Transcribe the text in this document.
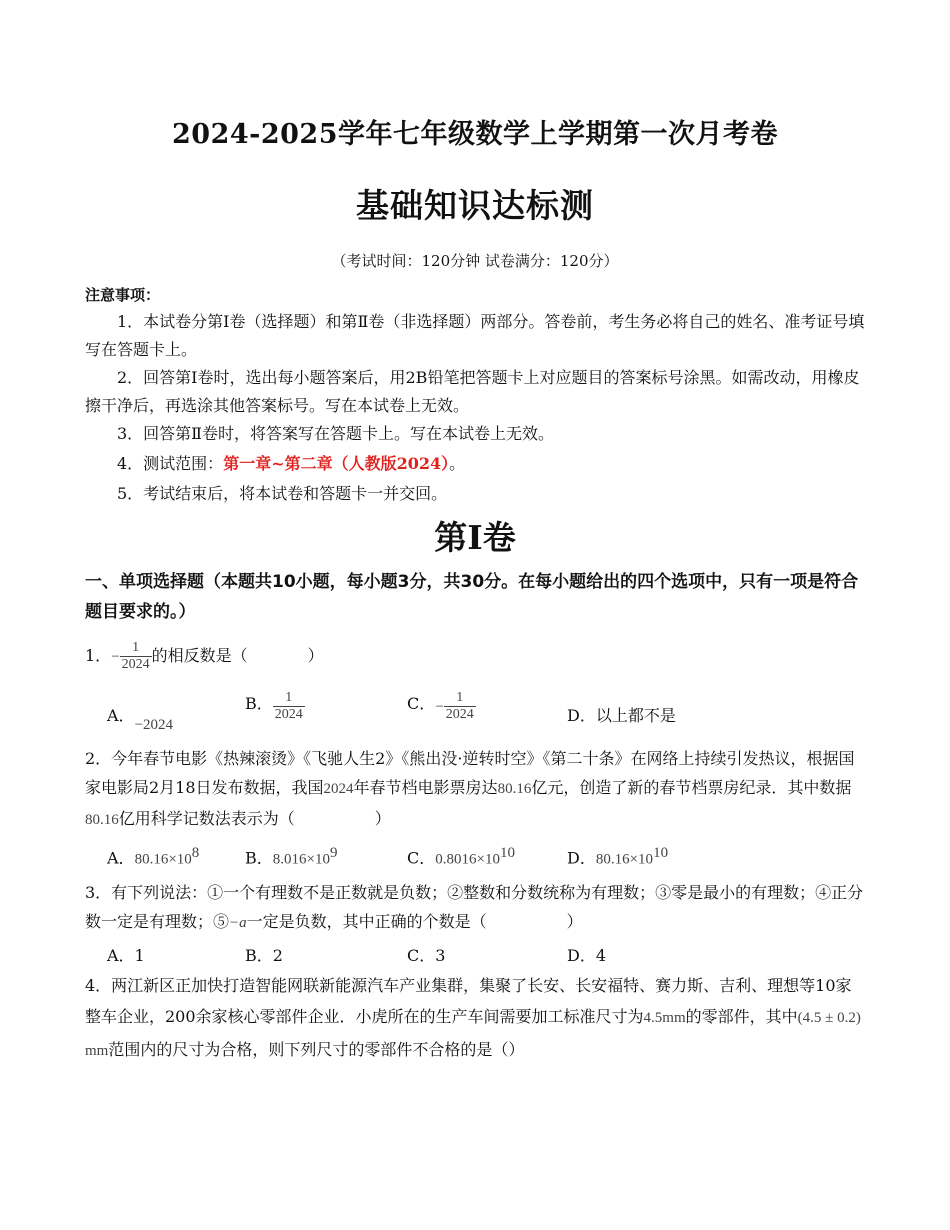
2024-2025学年七年级数学上学期第一次月考卷
基础知识达标测
（考试时间：120分钟 试卷满分：120分）
注意事项：
1．本试卷分第Ⅰ卷（选择题）和第Ⅱ卷（非选择题）两部分。答卷前，考生务必将自己的姓名、准考证号填写在答题卡上。
2．回答第Ⅰ卷时，选出每小题答案后，用2B铅笔把答题卡上对应题目的答案标号涂黑。如需改动，用橡皮擦干净后，再选涂其他答案标号。写在本试卷上无效。
3．回答第Ⅱ卷时，将答案写在答题卡上。写在本试卷上无效。
4．测试范围：第一章~第二章（人教版2024）。
5．考试结束后，将本试卷和答题卡一并交回。
第Ⅰ卷
一、单项选择题（本题共10小题，每小题3分，共30分。在每小题给出的四个选项中，只有一项是符合题目要求的。）
1．− $\frac{1}{2024}$ 的相反数是（	）
A．−2024
B． $\frac{1}{2024}$	C．− $\frac{1}{2024}$	D．以上都不是
2．今年春节电影《热辣滚烫》《飞驰人生2》《熊出没·逆转时空》《第二十条》在网络上持续引发热议，根据国家电影局2月18日发布数据，我国2024年春节档电影票房达80.16亿元，创造了新的春节档票房纪录．其中数据80.16亿用科学记数法表示为（	）
A．$80.16\times 10^8$	B．$8.016\times 10^9$	C．$0.8016\times 10^{10}$	D．$80.16\times 10^{10}$
3．有下列说法：①一个有理数不是正数就是负数；②整数和分数统称为有理数；③零是最小的有理数；④正分数一定是有理数；⑤−a一定是负数，其中正确的个数是（	）
A．1	B．2	C．3	D．4
4．两江新区正加快打造智能网联新能源汽车产业集群，集聚了长安、长安福特、赛力斯、吉利、理想等10家整车企业，200余家核心零部件企业．小虎所在的生产车间需要加工标准尺寸为4.5mm的零部件，其中(4.5 ± 0.2) mm范围内的尺寸为合格，则下列尺寸的零部件不合格的是（）
